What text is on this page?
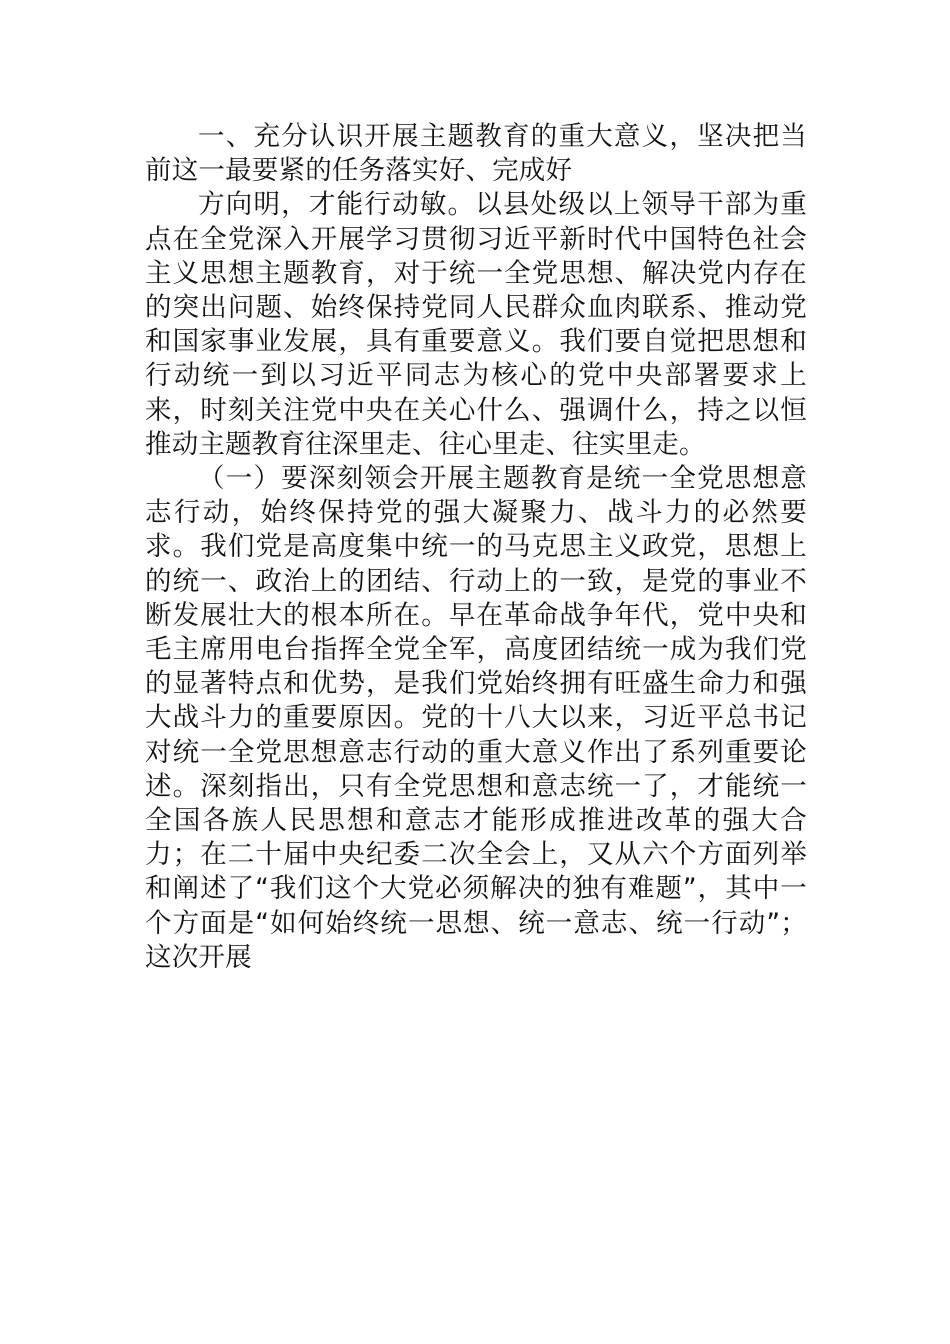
一、充分认识开展主题教育的重大意义，坚决把当前这一最要紧的任务落实好、完成好

方向明，才能行动敏。以县处级以上领导干部为重点在全党深入开展学习贯彻习近平新时代中国特色社会主义思想主题教育，对于统一全党思想、解决党内存在的突出问题、始终保持党同人民群众血肉联系、推动党和国家事业发展，具有重要意义。我们要自觉把思想和行动统一到以习近平同志为核心的党中央部署要求上来，时刻关注党中央在关心什么、强调什么，持之以恒推动主题教育往深里走、往心里走、往实里走。

（一）要深刻领会开展主题教育是统一全党思想意志行动，始终保持党的强大凝聚力、战斗力的必然要求。我们党是高度集中统一的马克思主义政党，思想上的统一、政治上的团结、行动上的一致，是党的事业不断发展壮大的根本所在。早在革命战争年代，党中央和毛主席用电台指挥全党全军，高度团结统一成为我们党的显著特点和优势，是我们党始终拥有旺盛生命力和强大战斗力的重要原因。党的十八大以来，习近平总书记对统一全党思想意志行动的重大意义作出了系列重要论述。深刻指出，只有全党思想和意志统一了，才能统一全国各族人民思想和意志才能形成推进改革的强大合力；在二十届中央纪委二次全会上，又从六个方面列举和阐述了“我们这个大党必须解决的独有难题”，其中一个方面是“如何始终统一思想、统一意志、统一行动”；这次开展
